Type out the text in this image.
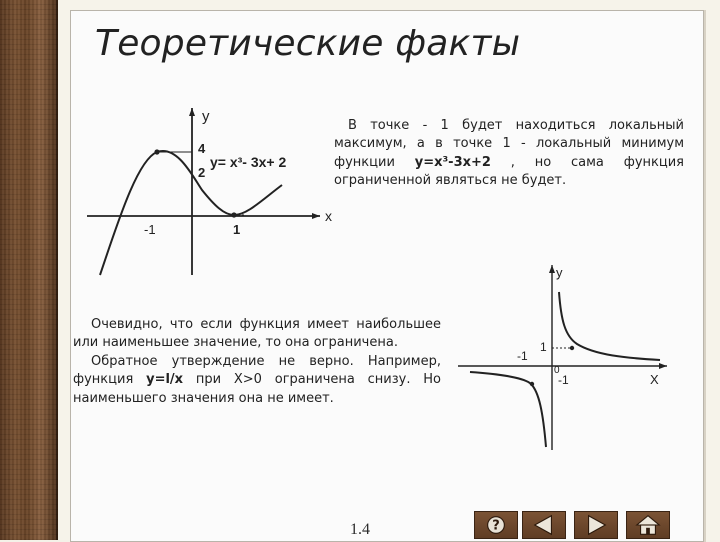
Теоретические факты
y
x
4
2
-1	1
y= x³- 3x+ 2
В точке - 1 будет находиться локальный максимум, а в точке 1 - локальный минимум функции y=x³-3x+2 , но сама функция ограниченной являться не будет.
Очевидно, что если функция имеет наибольшее или наименьшее значение, то она ограничена.
Обратное утверждение не верно. Например, функция y=l/x при X>0 ограничена снизу. Но наименьшего значения она не имеет.
y
X
1
-1
0
-1
1.4	?
